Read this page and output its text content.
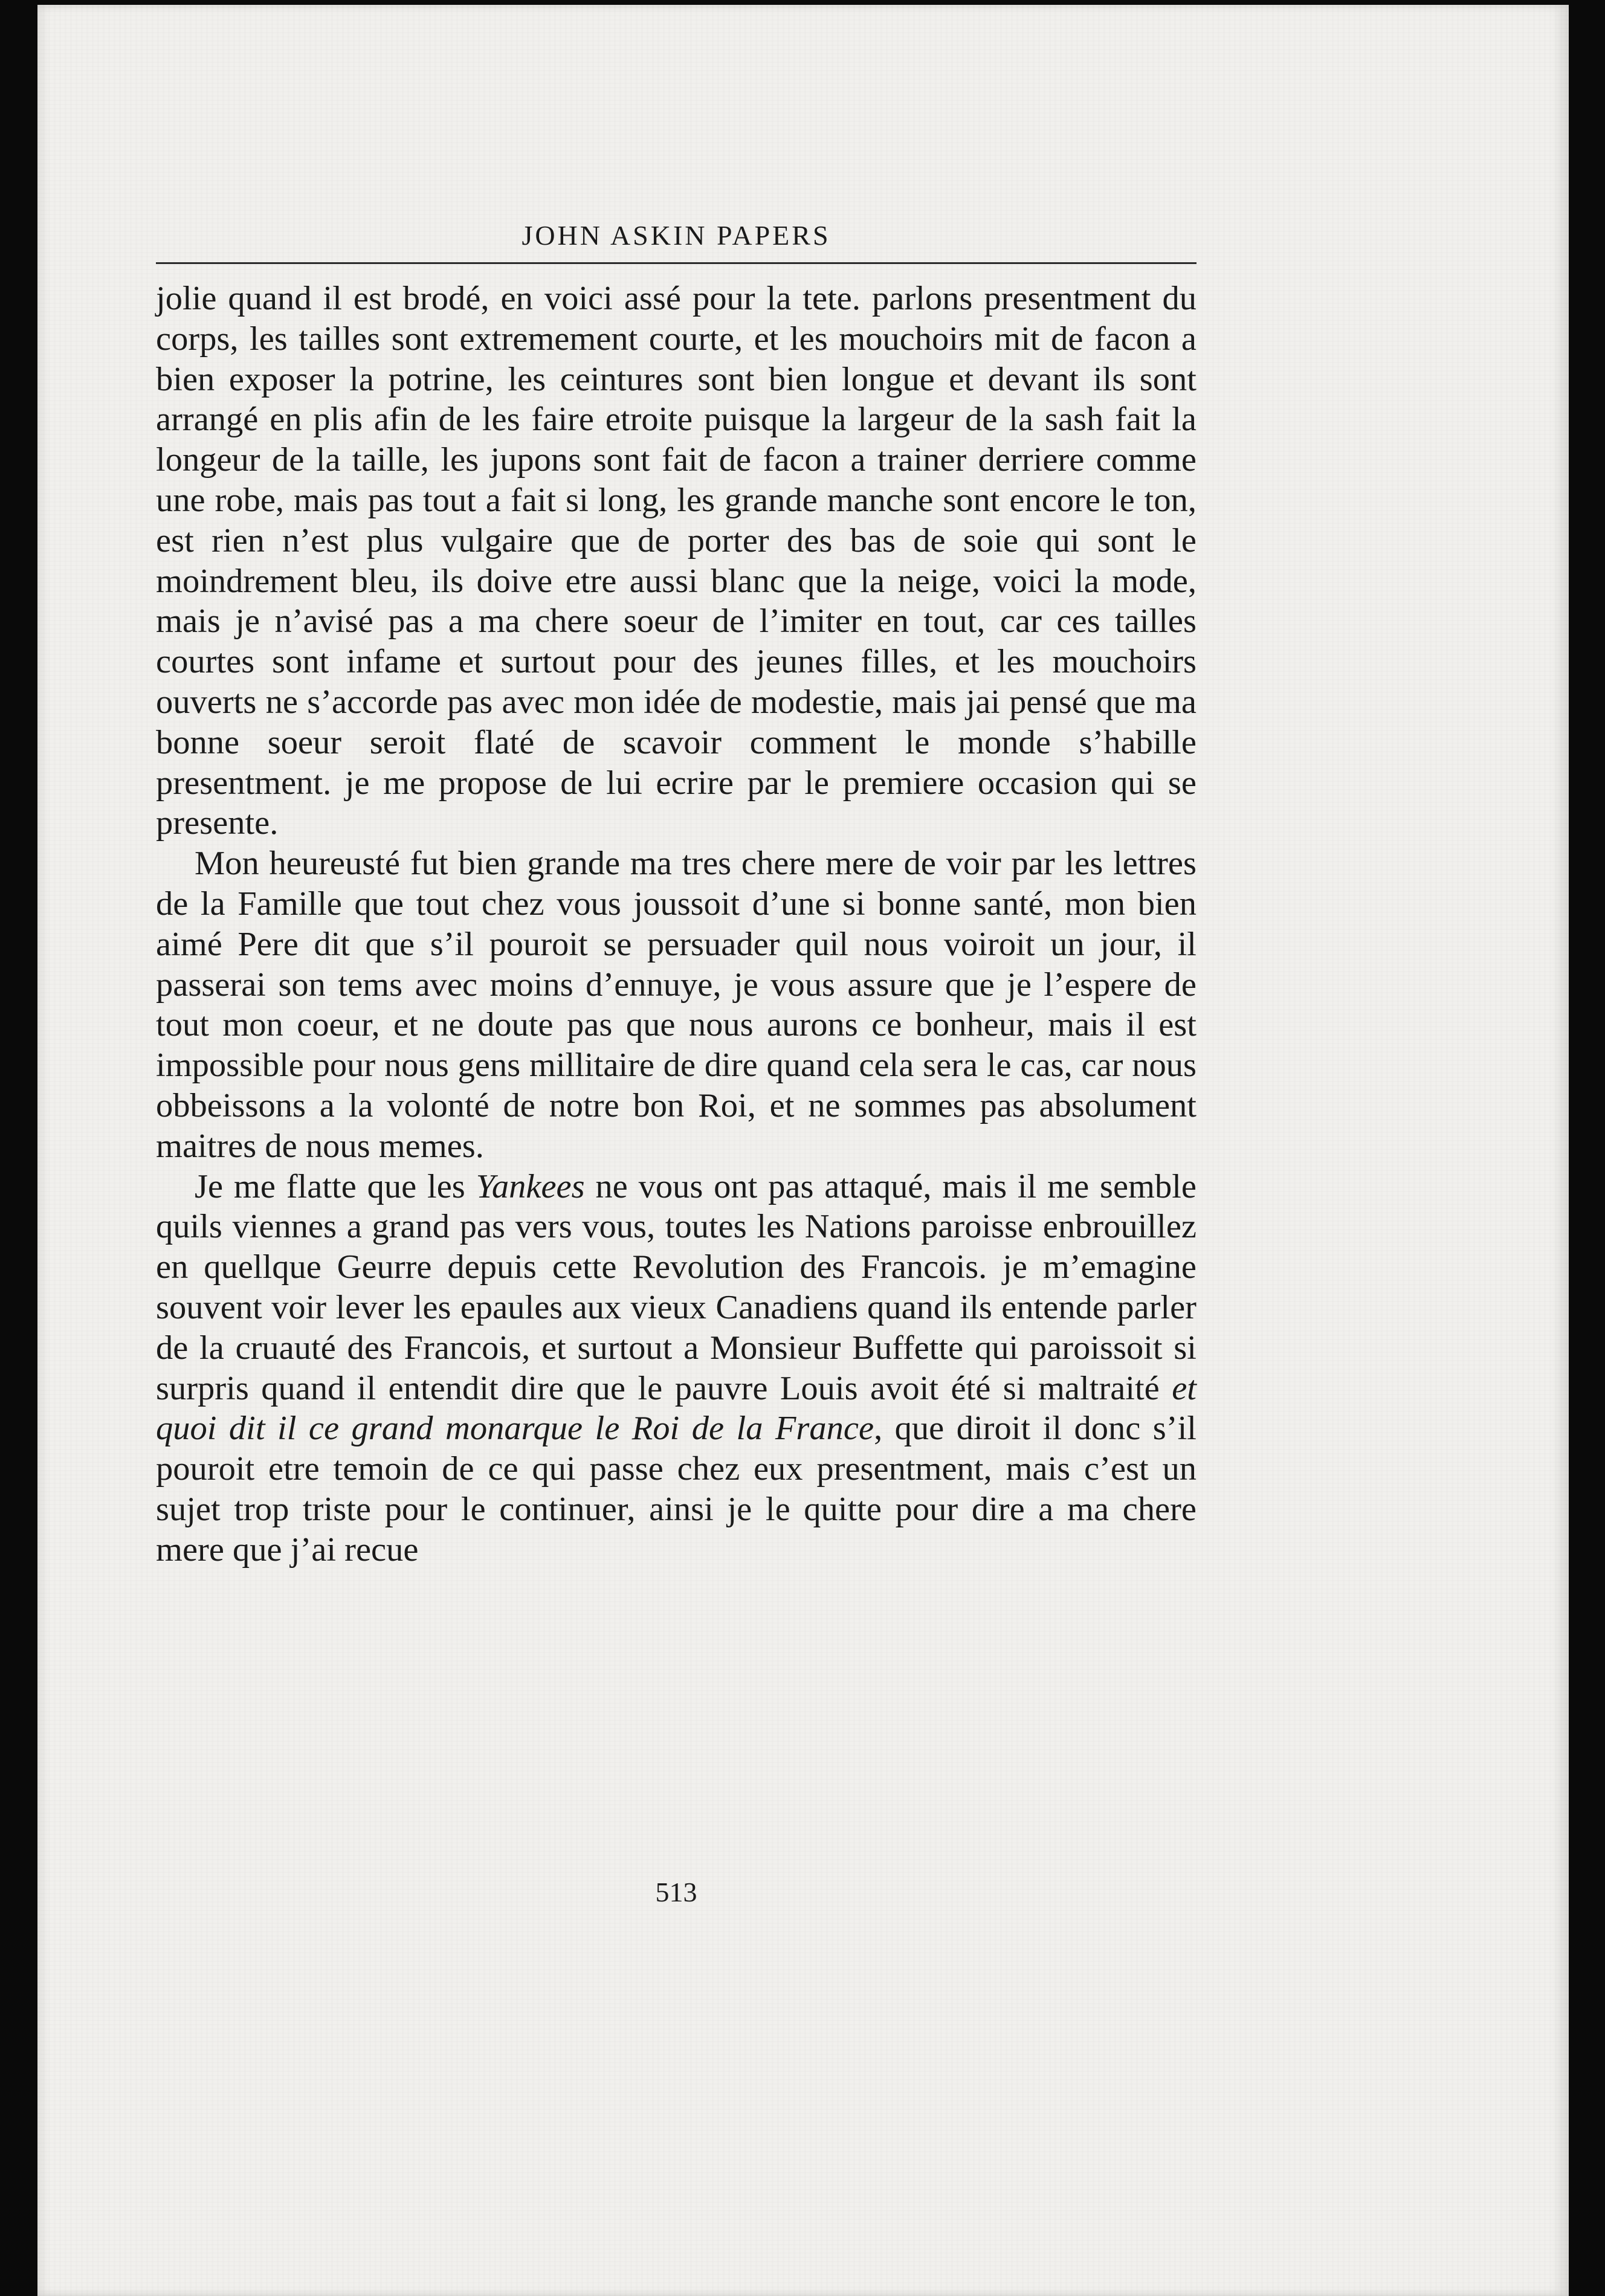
JOHN ASKIN PAPERS

jolie quand il est brodé, en voici assé pour la tete. parlons presentment du corps, les tailles sont extremement courte, et les mouchoirs mit de facon a bien exposer la potrine, les ceintures sont bien longue et devant ils sont arrangé en plis afin de les faire etroite puisque la largeur de la sash fait la longeur de la taille, les jupons sont fait de facon a trainer derriere comme une robe, mais pas tout a fait si long, les grande manche sont encore le ton, est rien n’est plus vulgaire que de porter des bas de soie qui sont le moindrement bleu, ils doive etre aussi blanc que la neige, voici la mode, mais je n’avisé pas a ma chere soeur de l’imiter en tout, car ces tailles courtes sont infame et surtout pour des jeunes filles, et les mouchoirs ouverts ne s’accorde pas avec mon idée de modestie, mais jai pensé que ma bonne soeur seroit flaté de scavoir comment le monde s’habille presentment. je me propose de lui ecrire par le premiere occasion qui se presente.

Mon heureusté fut bien grande ma tres chere mere de voir par les lettres de la Famille que tout chez vous joussoit d’une si bonne santé, mon bien aimé Pere dit que s’il pouroit se persuader quil nous voiroit un jour, il passerai son tems avec moins d’ennuye, je vous assure que je l’espere de tout mon coeur, et ne doute pas que nous aurons ce bonheur, mais il est impossible pour nous gens millitaire de dire quand cela sera le cas, car nous obbeissons a la volonté de notre bon Roi, et ne sommes pas absolument maitres de nous memes.

Je me flatte que les Yankees ne vous ont pas attaqué, mais il me semble quils viennes a grand pas vers vous, toutes les Nations paroisse enbrouillez en quellque Geurre depuis cette Revolution des Francois. je m’emagine souvent voir lever les epaules aux vieux Canadiens quand ils entende parler de la cruauté des Francois, et surtout a Monsieur Buffette qui paroissoit si surpris quand il entendit dire que le pauvre Louis avoit été si maltraité et quoi dit il ce grand monarque le Roi de la France, que diroit il donc s’il pouroit etre temoin de ce qui passe chez eux presentment, mais c’est un sujet trop triste pour le continuer, ainsi je le quitte pour dire a ma chere mere que j’ai recue

513
